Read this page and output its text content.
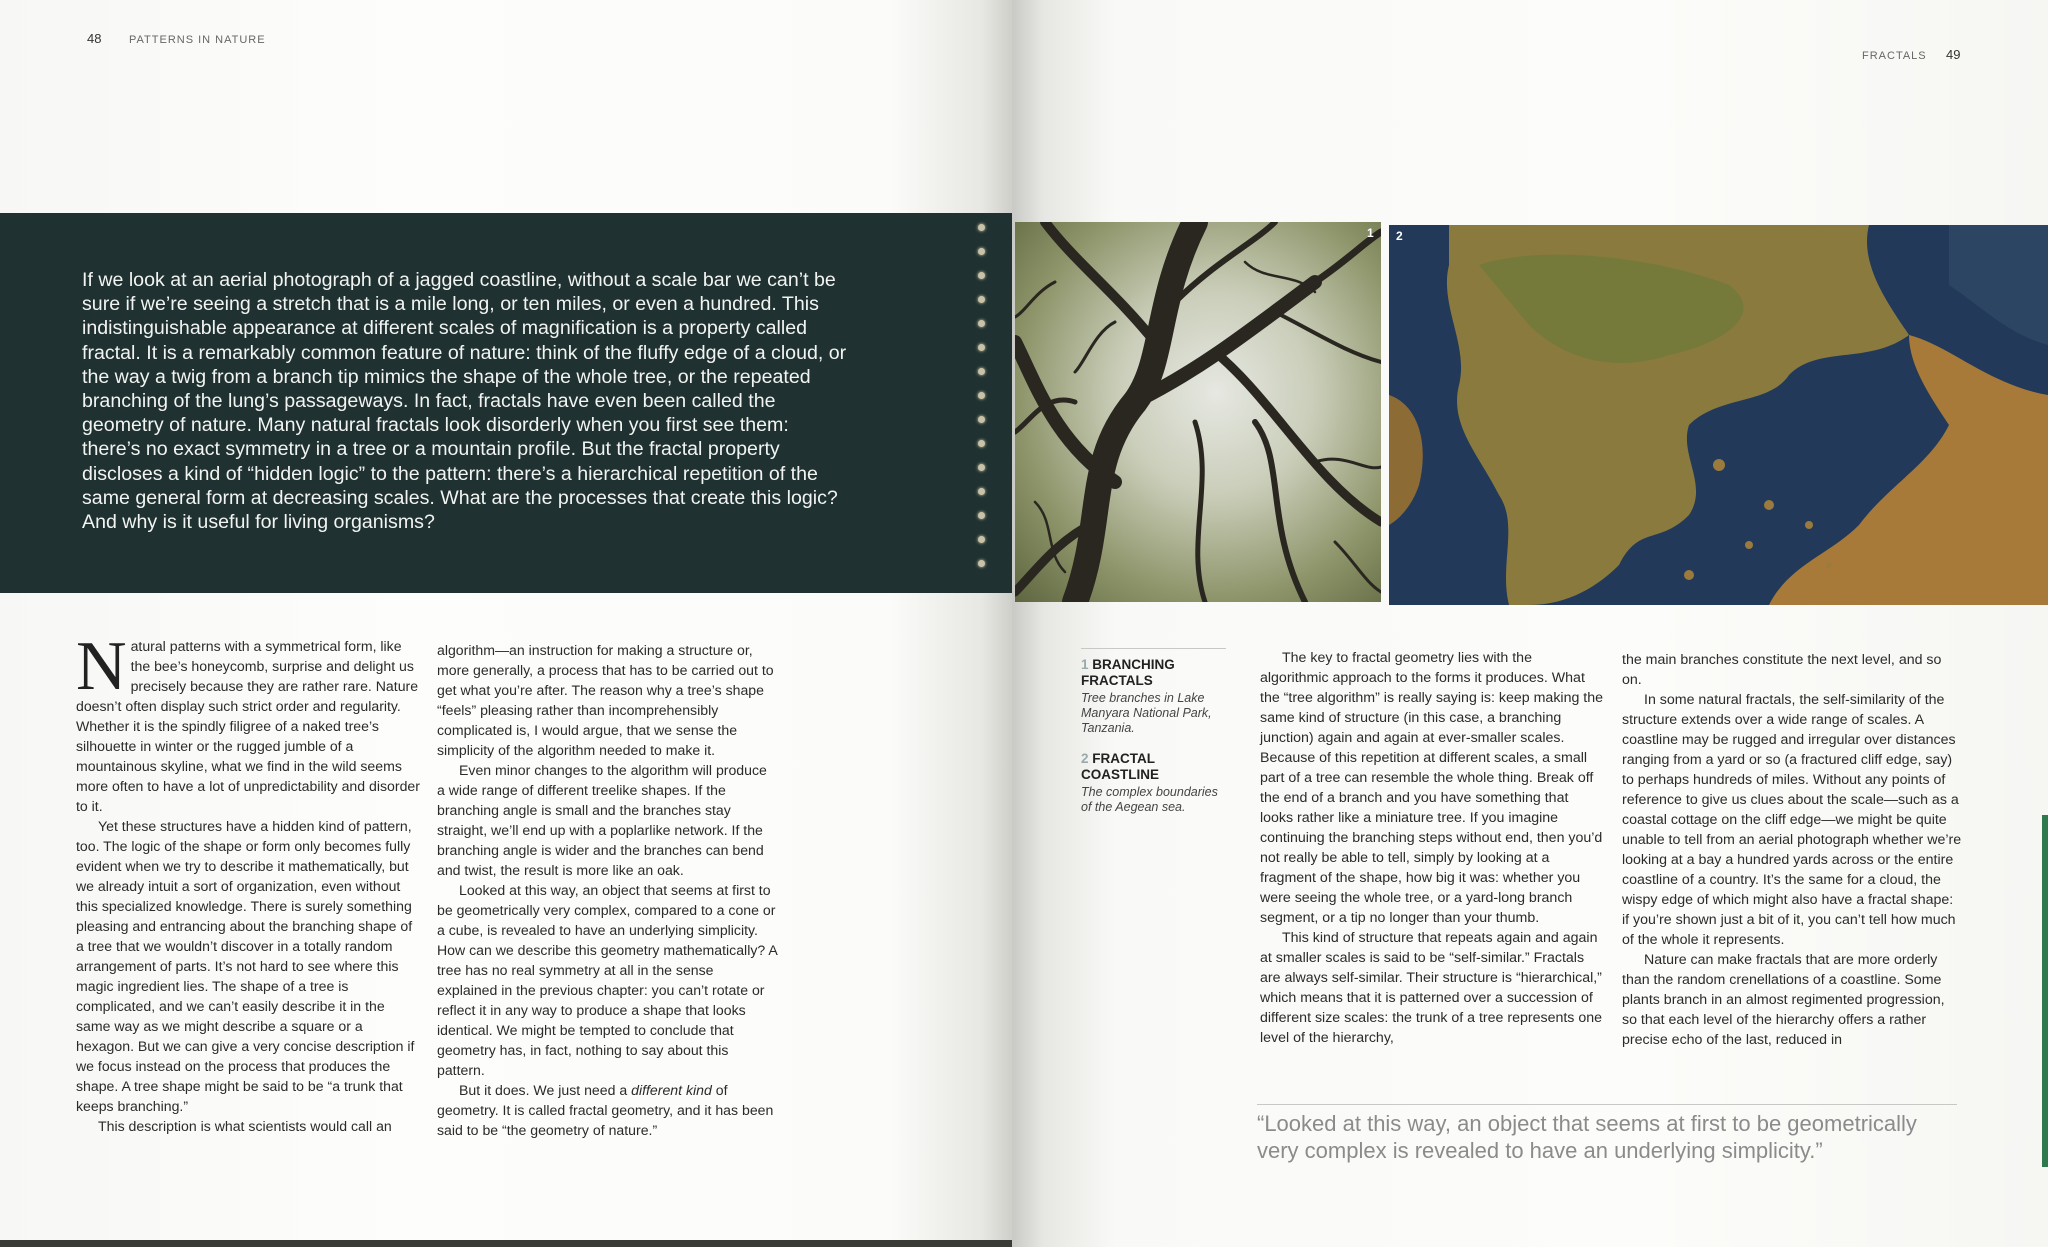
48	PATTERNS IN NATURE

If we look at an aerial photograph of a jagged coastline, without a scale bar we can’t be sure if we’re seeing a stretch that is a mile long, or ten miles, or even a hundred. This indistinguishable appearance at different scales of magnification is a property called fractal. It is a remarkably common feature of nature: think of the fluffy edge of a cloud, or the way a twig from a branch tip mimics the shape of the whole tree, or the repeated branching of the lung’s passageways. In fact, fractals have even been called the geometry of nature. Many natural fractals look disorderly when you first see them: there’s no exact symmetry in a tree or a mountain profile. But the fractal property discloses a kind of “hidden logic” to the pattern: there’s a hierarchical repetition of the same general form at decreasing scales. What are the processes that create this logic? And why is it useful for living organisms?

Natural patterns with a symmetrical form, like the bee’s honeycomb, surprise and delight us precisely because they are rather rare. Nature doesn’t often display such strict order and regularity. Whether it is the spindly filigree of a naked tree’s silhouette in winter or the rugged jumble of a mountainous skyline, what we find in the wild seems more often to have a lot of unpredictability and disorder to it.

Yet these structures have a hidden kind of pattern, too. The logic of the shape or form only becomes fully evident when we try to describe it mathematically, but we already intuit a sort of organization, even without this specialized knowledge. There is surely something pleasing and entrancing about the branching shape of a tree that we wouldn’t discover in a totally random arrangement of parts. It’s not hard to see where this magic ingredient lies. The shape of a tree is complicated, and we can’t easily describe it in the same way as we might describe a square or a hexagon. But we can give a very concise description if we focus instead on the process that produces the shape. A tree shape might be said to be “a trunk that keeps branching.”

This description is what scientists would call an

algorithm—an instruction for making a structure or, more generally, a process that has to be carried out to get what you’re after. The reason why a tree’s shape “feels” pleasing rather than incomprehensibly complicated is, I would argue, that we sense the simplicity of the algorithm needed to make it.

Even minor changes to the algorithm will produce a wide range of different treelike shapes. If the branching angle is small and the branches stay straight, we’ll end up with a poplarlike network. If the branching angle is wider and the branches can bend and twist, the result is more like an oak.

Looked at this way, an object that seems at first to be geometrically very complex, compared to a cone or a cube, is revealed to have an underlying simplicity. How can we describe this geometry mathematically? A tree has no real symmetry at all in the sense explained in the previous chapter: you can’t rotate or reflect it in any way to produce a shape that looks identical. We might be tempted to conclude that geometry has, in fact, nothing to say about this pattern.

But it does. We just need a different kind of geometry. It is called fractal geometry, and it has been said to be “the geometry of nature.”

FRACTALS 49
1 2
1 BRANCHING FRACTALS
Tree branches in Lake Manyara National Park, Tanzania.
2 FRACTAL COASTLINE
The complex boundaries of the Aegean sea.

The key to fractal geometry lies with the algorithmic approach to the forms it produces. What the “tree algorithm” is really saying is: keep making the same kind of structure (in this case, a branching junction) again and again at ever-smaller scales. Because of this repetition at different scales, a small part of a tree can resemble the whole thing. Break off the end of a branch and you have something that looks rather like a miniature tree. If you imagine continuing the branching steps without end, then you’d not really be able to tell, simply by looking at a fragment of the shape, how big it was: whether you were seeing the whole tree, or a yard-long branch segment, or a tip no longer than your thumb.

This kind of structure that repeats again and again at smaller scales is said to be “self-similar.” Fractals are always self-similar. Their structure is “hierarchical,” which means that it is patterned over a succession of different size scales: the trunk of a tree represents one level of the hierarchy,

the main branches constitute the next level, and so on.

In some natural fractals, the self-similarity of the structure extends over a wide range of scales. A coastline may be rugged and irregular over distances ranging from a yard or so (a fractured cliff edge, say) to perhaps hundreds of miles. Without any points of reference to give us clues about the scale—such as a coastal cottage on the cliff edge—we might be quite unable to tell from an aerial photograph whether we’re looking at a bay a hundred yards across or the entire coastline of a country. It’s the same for a cloud, the wispy edge of which might also have a fractal shape: if you’re shown just a bit of it, you can’t tell how much of the whole it represents.

Nature can make fractals that are more orderly than the random crenellations of a coastline. Some plants branch in an almost regimented progression, so that each level of the hierarchy offers a rather precise echo of the last, reduced in

“Looked at this way, an object that seems at first to be geometrically very complex is revealed to have an underlying simplicity.”
